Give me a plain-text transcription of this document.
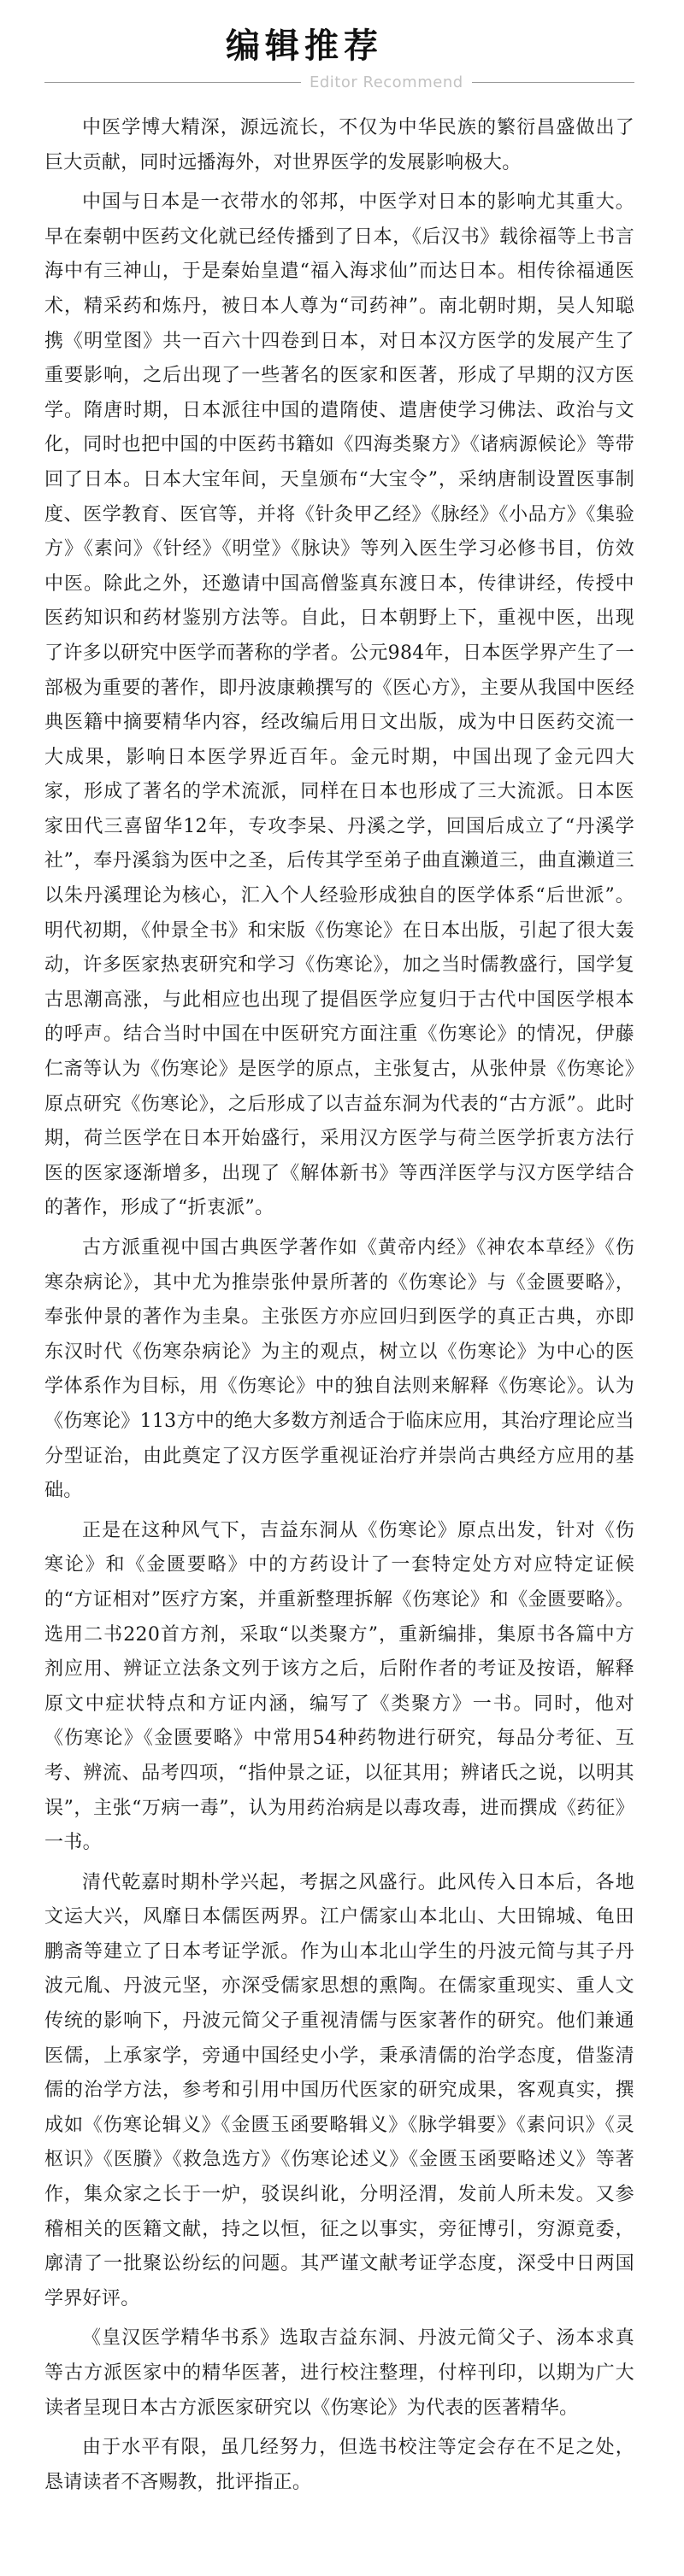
编辑推荐
Editor Recommend

中医学博大精深，源远流长，不仅为中华民族的繁衍昌盛做出了巨大贡献，同时远播海外，对世界医学的发展影响极大。

中国与日本是一衣带水的邻邦，中医学对日本的影响尤其重大。早在秦朝中医药文化就已经传播到了日本，《后汉书》载徐福等上书言海中有三神山，于是秦始皇遣“福入海求仙”而达日本。相传徐福通医术，精采药和炼丹，被日本人尊为“司药神”。南北朝时期，吴人知聪携《明堂图》共一百六十四卷到日本，对日本汉方医学的发展产生了重要影响，之后出现了一些著名的医家和医著，形成了早期的汉方医学。隋唐时期，日本派往中国的遣隋使、遣唐使学习佛法、政治与文化，同时也把中国的中医药书籍如《四海类聚方》《诸病源候论》等带回了日本。日本大宝年间，天皇颁布“大宝令”，采纳唐制设置医事制度、医学教育、医官等，并将《针灸甲乙经》《脉经》《小品方》《集验方》《素问》《针经》《明堂》《脉诀》等列入医生学习必修书目，仿效中医。除此之外，还邀请中国高僧鉴真东渡日本，传律讲经，传授中医药知识和药材鉴别方法等。自此，日本朝野上下，重视中医，出现了许多以研究中医学而著称的学者。公元984年，日本医学界产生了一部极为重要的著作，即丹波康赖撰写的《医心方》，主要从我国中医经典医籍中摘要精华内容，经改编后用日文出版，成为中日医药交流一大成果，影响日本医学界近百年。金元时期，中国出现了金元四大家，形成了著名的学术流派，同样在日本也形成了三大流派。日本医家田代三喜留华12年，专攻李杲、丹溪之学，回国后成立了“丹溪学社”，奉丹溪翁为医中之圣，后传其学至弟子曲直濑道三，曲直濑道三以朱丹溪理论为核心，汇入个人经验形成独自的医学体系“后世派”。明代初期，《仲景全书》和宋版《伤寒论》在日本出版，引起了很大轰动，许多医家热衷研究和学习《伤寒论》，加之当时儒教盛行，国学复古思潮高涨，与此相应也出现了提倡医学应复归于古代中国医学根本的呼声。结合当时中国在中医研究方面注重《伤寒论》的情况，伊藤仁斋等认为《伤寒论》是医学的原点，主张复古，从张仲景《伤寒论》原点研究《伤寒论》，之后形成了以吉益东洞为代表的“古方派”。此时期，荷兰医学在日本开始盛行，采用汉方医学与荷兰医学折衷方法行医的医家逐渐增多，出现了《解体新书》等西洋医学与汉方医学结合的著作，形成了“折衷派”。

古方派重视中国古典医学著作如《黄帝内经》《神农本草经》《伤寒杂病论》，其中尤为推崇张仲景所著的《伤寒论》与《金匮要略》，奉张仲景的著作为圭臬。主张医方亦应回归到医学的真正古典，亦即东汉时代《伤寒杂病论》为主的观点，树立以《伤寒论》为中心的医学体系作为目标，用《伤寒论》中的独自法则来解释《伤寒论》。认为《伤寒论》113方中的绝大多数方剂适合于临床应用，其治疗理论应当分型证治，由此奠定了汉方医学重视证治疗并崇尚古典经方应用的基础。

正是在这种风气下，吉益东洞从《伤寒论》原点出发，针对《伤寒论》和《金匮要略》中的方药设计了一套特定处方对应特定证候的“方证相对”医疗方案，并重新整理拆解《伤寒论》和《金匮要略》。选用二书220首方剂，采取“以类聚方”，重新编排，集原书各篇中方剂应用、辨证立法条文列于该方之后，后附作者的考证及按语，解释原文中症状特点和方证内涵，编写了《类聚方》一书。同时，他对《伤寒论》《金匮要略》中常用54种药物进行研究，每品分考征、互考、辨流、品考四项，“指仲景之证，以征其用；辨诸氏之说，以明其误”，主张“万病一毒”，认为用药治病是以毒攻毒，进而撰成《药征》一书。

清代乾嘉时期朴学兴起，考据之风盛行。此风传入日本后，各地文运大兴，风靡日本儒医两界。江户儒家山本北山、大田锦城、龟田鹏斋等建立了日本考证学派。作为山本北山学生的丹波元简与其子丹波元胤、丹波元坚，亦深受儒家思想的熏陶。在儒家重现实、重人文传统的影响下，丹波元简父子重视清儒与医家著作的研究。他们兼通医儒，上承家学，旁通中国经史小学，秉承清儒的治学态度，借鉴清儒的治学方法，参考和引用中国历代医家的研究成果，客观真实，撰成如《伤寒论辑义》《金匮玉函要略辑义》《脉学辑要》《素问识》《灵枢识》《医賸》《救急选方》《伤寒论述义》《金匮玉函要略述义》等著作，集众家之长于一炉，驳误纠讹，分明泾渭，发前人所未发。又参稽相关的医籍文献，持之以恒，征之以事实，旁征博引，穷源竟委，廓清了一批聚讼纷纭的问题。其严谨文献考证学态度，深受中日两国学界好评。

《皇汉医学精华书系》选取吉益东洞、丹波元简父子、汤本求真等古方派医家中的精华医著，进行校注整理，付梓刊印，以期为广大读者呈现日本古方派医家研究以《伤寒论》为代表的医著精华。

由于水平有限，虽几经努力，但选书校注等定会存在不足之处，恳请读者不吝赐教，批评指正。
